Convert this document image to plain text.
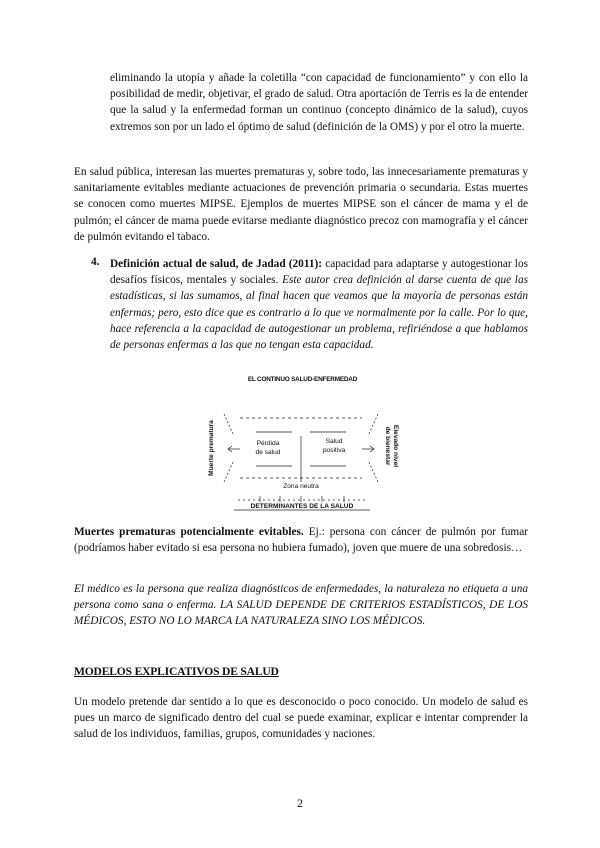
eliminando la utopía y añade la coletilla “con capacidad de funcionamiento” y con ello la posibilidad de medir, objetivar, el grado de salud. Otra aportación de Terris es la de entender que la salud y la enfermedad forman un continuo (concepto dinámico de la salud), cuyos extremos son por un lado el óptimo de salud (definición de la OMS) y por el otro la muerte.

En salud pública, interesan las muertes prematuras y, sobre todo, las innecesariamente prematuras y sanitariamente evitables mediante actuaciones de prevención primaria o secundaria. Estas muertes se conocen como muertes MIPSE. Ejemplos de muertes MIPSE son el cáncer de mama y el de pulmón; el cáncer de mama puede evitarse mediante diagnóstico precoz con mamografía y el cáncer de pulmón evitando el tabaco.

4. Definición actual de salud, de Jadad (2011): capacidad para adaptarse y autogestionar los desafíos físicos, mentales y sociales. Este autor crea definición al darse cuenta de que las estadísticas, si las sumamos, al final hacen que veamos que la mayoría de personas están enfermas; pero, esto dice que es contrario a lo que ve normalmente por la calle. Por lo que, hace referencia a la capacidad de autogestionar un problema, refiriéndose a que hablamos de personas enfermas a las que no tengan esta capacidad.

EL CONTINUO SALUD-ENFERMEDAD
Muerte prematura	Elevado nivel
de bienestar
Pérdida
de salud
Salud
positiva
Zona neutra
DETERMINANTES DE LA SALUD

Muertes prematuras potencialmente evitables. Ej.: persona con cáncer de pulmón por fumar (podríamos haber evitado si esa persona no hubiera fumado), joven que muere de una sobredosis…

El médico es la persona que realiza diagnósticos de enfermedades, la naturaleza no etiqueta a una persona como sana o enferma. LA SALUD DEPENDE DE CRITERIOS ESTADÍSTICOS, DE LOS MÉDICOS, ESTO NO LO MARCA LA NATURALEZA SINO LOS MÉDICOS.

MODELOS EXPLICATIVOS DE SALUD

Un modelo pretende dar sentido a lo que es desconocido o poco conocido. Un modelo de salud es pues un marco de significado dentro del cual se puede examinar, explicar e intentar comprender la salud de los individuos, familias, grupos, comunidades y naciones.

2
